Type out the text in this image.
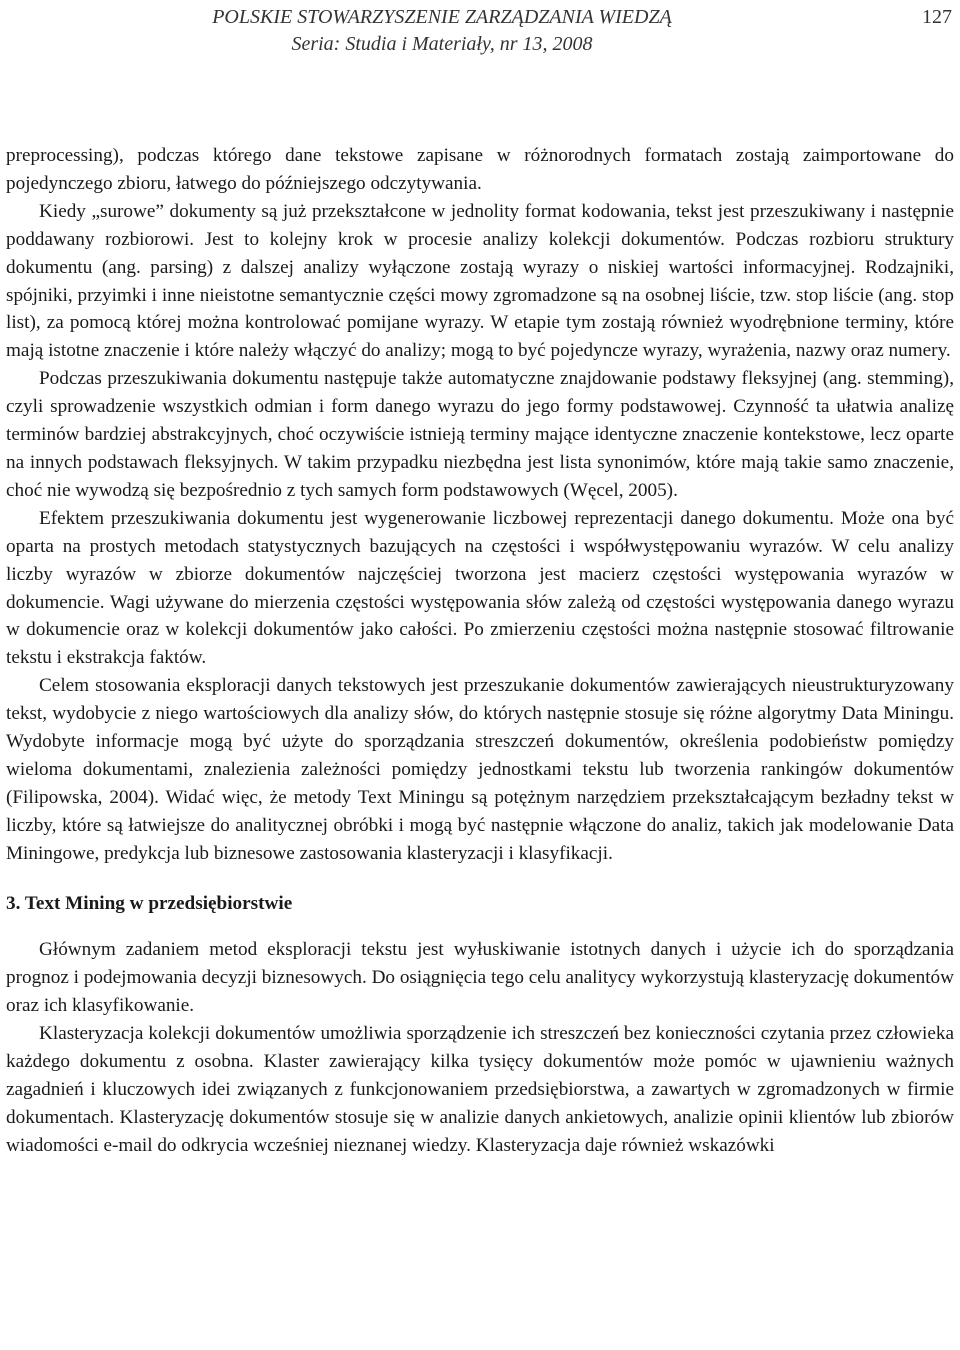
POLSKIE STOWARZYSZENIE ZARZĄDZANIA WIEDZĄ
Seria: Studia i Materiały, nr 13, 2008
127

preprocessing), podczas którego dane tekstowe zapisane w różnorodnych formatach zostają zaimportowane do pojedynczego zbioru, łatwego do późniejszego odczytywania.

Kiedy „surowe” dokumenty są już przekształcone w jednolity format kodowania, tekst jest przeszukiwany i następnie poddawany rozbiorowi. Jest to kolejny krok w procesie analizy kolekcji dokumentów. Podczas rozbioru struktury dokumentu (ang. parsing) z dalszej analizy wyłączone zostają wyrazy o niskiej wartości informacyjnej. Rodzajniki, spójniki, przyimki i inne nieistotne semantycznie części mowy zgromadzone są na osobnej liście, tzw. stop liście (ang. stop list), za pomocą której można kontrolować pomijane wyrazy. W etapie tym zostają również wyodrębnione terminy, które mają istotne znaczenie i które należy włączyć do analizy; mogą to być pojedyncze wyrazy, wyrażenia, nazwy oraz numery.

Podczas przeszukiwania dokumentu następuje także automatyczne znajdowanie podstawy fleksyjnej (ang. stemming), czyli sprowadzenie wszystkich odmian i form danego wyrazu do jego formy podstawowej. Czynność ta ułatwia analizę terminów bardziej abstrakcyjnych, choć oczywiście istnieją terminy mające identyczne znaczenie kontekstowe, lecz oparte na innych podstawach fleksyjnych. W takim przypadku niezbędna jest lista synonimów, które mają takie samo znaczenie, choć nie wywodzą się bezpośrednio z tych samych form podstawowych (Węcel, 2005).

Efektem przeszukiwania dokumentu jest wygenerowanie liczbowej reprezentacji danego dokumentu. Może ona być oparta na prostych metodach statystycznych bazujących na częstości i współwystępowaniu wyrazów. W celu analizy liczby wyrazów w zbiorze dokumentów najczęściej tworzona jest macierz częstości występowania wyrazów w dokumencie. Wagi używane do mierzenia częstości występowania słów zależą od częstości występowania danego wyrazu w dokumencie oraz w kolekcji dokumentów jako całości. Po zmierzeniu częstości można następnie stosować filtrowanie tekstu i ekstrakcja faktów.

Celem stosowania eksploracji danych tekstowych jest przeszukanie dokumentów zawierających nieustrukturyzowany tekst, wydobycie z niego wartościowych dla analizy słów, do których następnie stosuje się różne algorytmy Data Miningu. Wydobyte informacje mogą być użyte do sporządzania streszczeń dokumentów, określenia podobieństw pomiędzy wieloma dokumentami, znalezienia zależności pomiędzy jednostkami tekstu lub tworzenia rankingów dokumentów (Filipowska, 2004). Widać więc, że metody Text Miningu są potężnym narzędziem przekształcającym bezładny tekst w liczby, które są łatwiejsze do analitycznej obróbki i mogą być następnie włączone do analiz, takich jak modelowanie Data Miningowe, predykcja lub biznesowe zastosowania klasteryzacji i klasyfikacji.

3. Text Mining w przedsiębiorstwie

Głównym zadaniem metod eksploracji tekstu jest wyłuskiwanie istotnych danych i użycie ich do sporządzania prognoz i podejmowania decyzji biznesowych. Do osiągnięcia tego celu analitycy wykorzystują klasteryzację dokumentów oraz ich klasyfikowanie.

Klasteryzacja kolekcji dokumentów umożliwia sporządzenie ich streszczeń bez konieczności czytania przez człowieka każdego dokumentu z osobna. Klaster zawierający kilka tysięcy dokumentów może pomóc w ujawnieniu ważnych zagadnień i kluczowych idei związanych z funkcjonowaniem przedsiębiorstwa, a zawartych w zgromadzonych w firmie dokumentach. Klasteryzację dokumentów stosuje się w analizie danych ankietowych, analizie opinii klientów lub zbiorów wiadomości e-mail do odkrycia wcześniej nieznanej wiedzy. Klasteryzacja daje również wskazówki
